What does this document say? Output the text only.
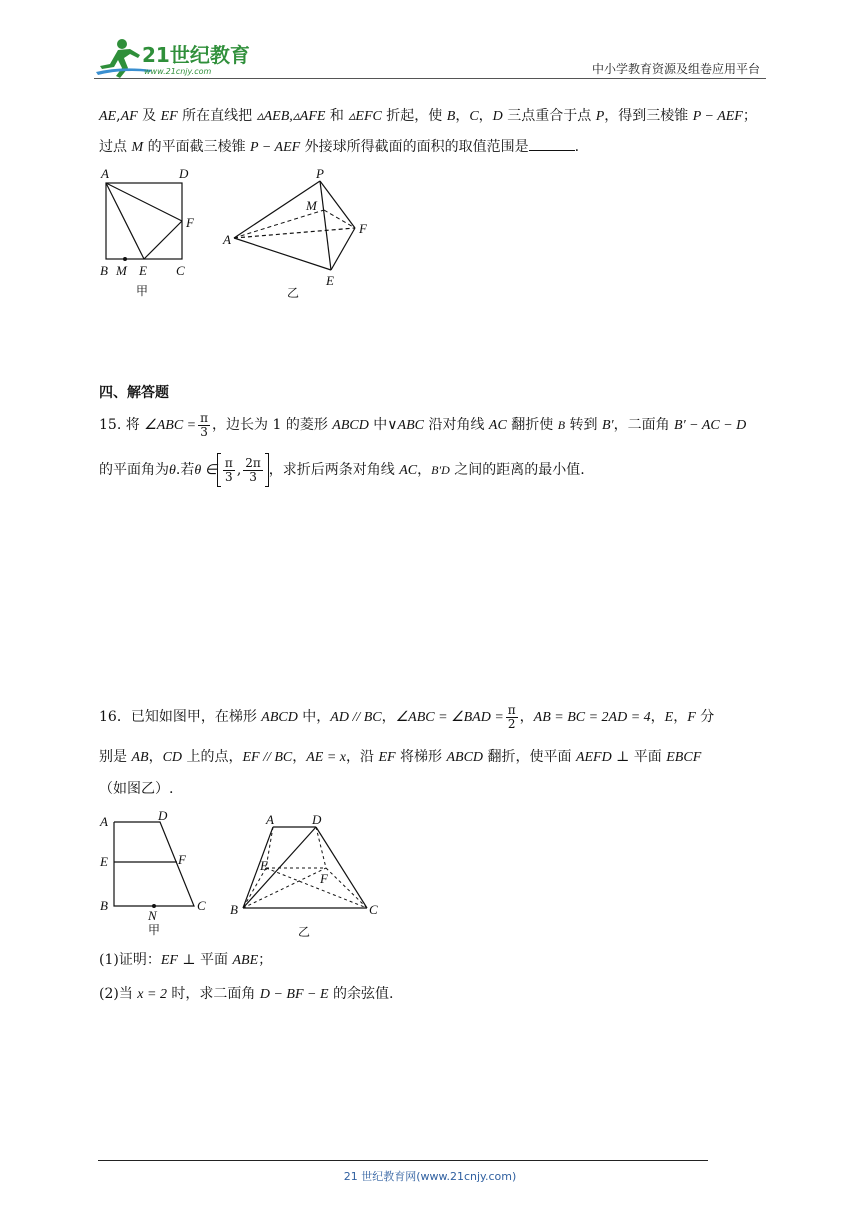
21世纪教育
www.21cnjy.com	中小学教育资源及组卷应用平台
AE,AF 及 EF 所在直线把 ▵AEB,▵AFE 和 ▵EFC 折起，使 B，C，D 三点重合于点 P，得到三棱锥 P − AEF；
过点 M 的平面截三棱锥 P − AEF 外接球所得截面的面积的取值范围是	.
A	D
F
B M E C
甲
P
M
A
F
E
乙
四、解答题
15. 将 ∠ABC = $\frac{\pi}{3}$ ，边长为 1 的菱形 ABCD 中∨ABC 沿对角线 AC 翻折使 B 转到 B′，二面角 B′ − AC − D
的平面角为θ.若θ ∈ $\frac{\pi}{3}$ , $\frac{2\pi}{3}$ ，求折后两条对角线 AC，B′D 之间的距离的最小值.
16．已知如图甲，在梯形 ABCD 中，AD // BC，∠ABC = ∠BAD = $\frac{\pi}{2}$ ，AB = BC = 2AD = 4，E，F 分
别是 AB，CD 上的点，EF // BC，AE = x，沿 EF 将梯形 ABCD 翻折，使平面 AEFD ⊥ 平面 EBCF
（如图乙）.
A	D
E	F
B
N
C
甲
A	D
E
F
B	C
乙
(1)证明：EF ⊥ 平面 ABE；
(2)当 x = 2 时，求二面角 D − BF − E 的余弦值.
21 世纪教育网(www.21cnjy.com)
